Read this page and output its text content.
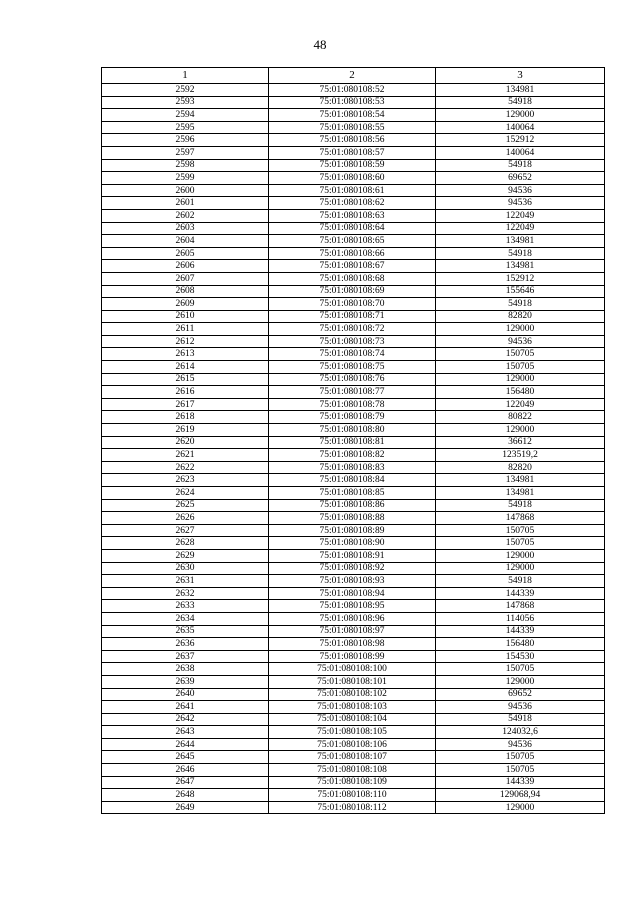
48
1	2	3
2592	75:01:080108:52	134981
2593	75:01:080108:53	54918
2594	75:01:080108:54	129000
2595	75:01:080108:55	140064
2596	75:01:080108:56	152912
2597	75:01:080108:57	140064
2598	75:01:080108:59	54918
2599	75:01:080108:60	69652
2600	75:01:080108:61	94536
2601	75:01:080108:62	94536
2602	75:01:080108:63	122049
2603	75:01:080108:64	122049
2604	75:01:080108:65	134981
2605	75:01:080108:66	54918
2606	75:01:080108:67	134981
2607	75:01:080108:68	152912
2608	75:01:080108:69	155646
2609	75:01:080108:70	54918
2610	75:01:080108:71	82820
2611	75:01:080108:72	129000
2612	75:01:080108:73	94536
2613	75:01:080108:74	150705
2614	75:01:080108:75	150705
2615	75:01:080108:76	129000
2616	75:01:080108:77	156480
2617	75:01:080108:78	122049
2618	75:01:080108:79	80822
2619	75:01:080108:80	129000
2620	75:01:080108:81	36612
2621	75:01:080108:82	123519,2
2622	75:01:080108:83	82820
2623	75:01:080108:84	134981
2624	75:01:080108:85	134981
2625	75:01:080108:86	54918
2626	75:01:080108:88	147868
2627	75:01:080108:89	150705
2628	75:01:080108:90	150705
2629	75:01:080108:91	129000
2630	75:01:080108:92	129000
2631	75:01:080108:93	54918
2632	75:01:080108:94	144339
2633	75:01:080108:95	147868
2634	75:01:080108:96	114056
2635	75:01:080108:97	144339
2636	75:01:080108:98	156480
2637	75:01:080108:99	154530
2638	75:01:080108:100	150705
2639	75:01:080108:101	129000
2640	75:01:080108:102	69652
2641	75:01:080108:103	94536
2642	75:01:080108:104	54918
2643	75:01:080108:105	124032,6
2644	75:01:080108:106	94536
2645	75:01:080108:107	150705
2646	75:01:080108:108	150705
2647	75:01:080108:109	144339
2648	75:01:080108:110	129068,94
2649	75:01:080108:112	129000
